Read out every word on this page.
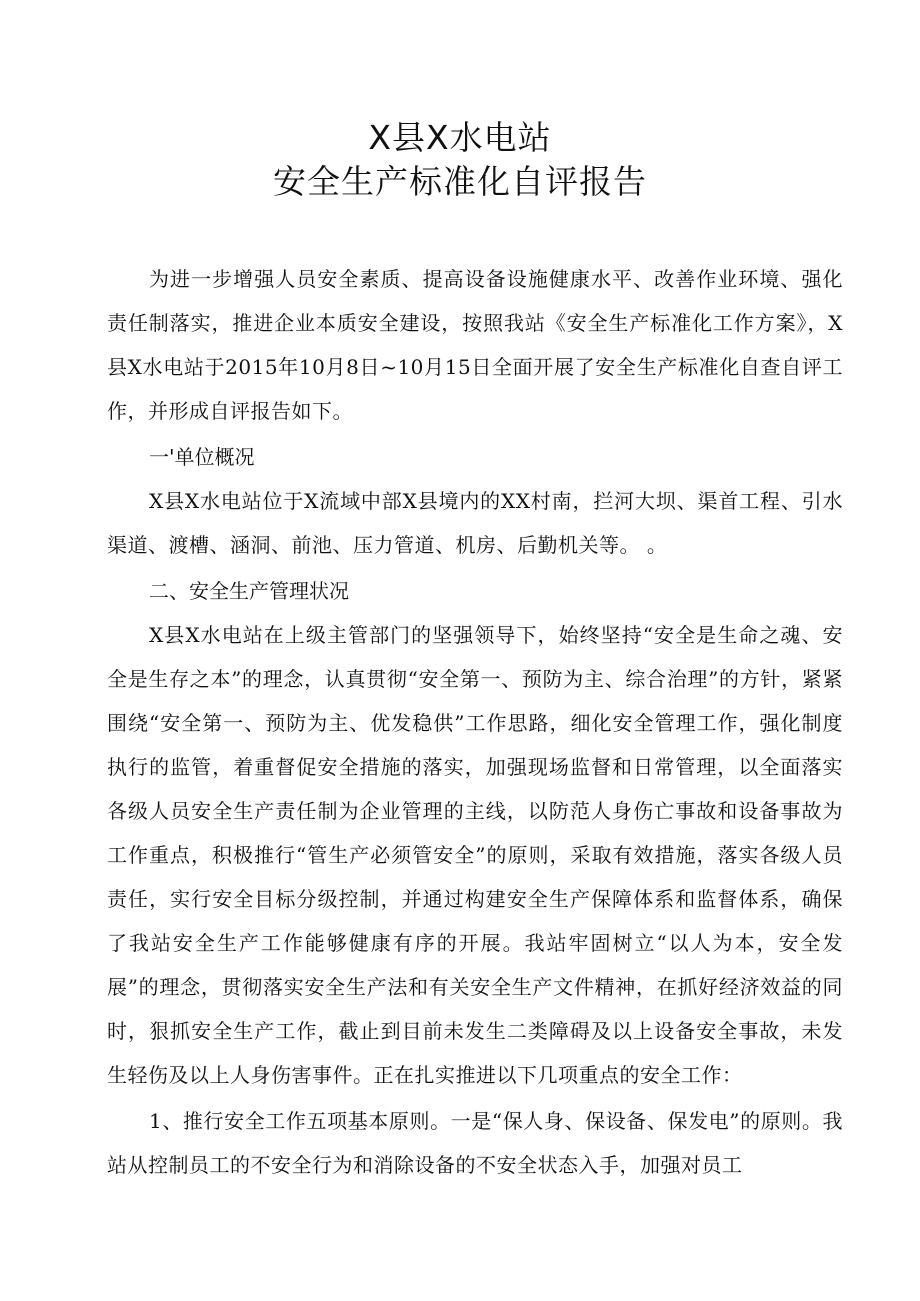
X县X水电站
安全生产标准化自评报告

为进一步增强人员安全素质、提高设备设施健康水平、改善作业环境、强化责任制落实，推进企业本质安全建设，按照我站《安全生产标准化工作方案》，X县X水电站于2015年10月8日~10月15日全面开展了安全生产标准化自查自评工作，并形成自评报告如下。

一'单位概况

X县X水电站位于X流域中部X县境内的XX村南，拦河大坝、渠首工程、引水渠道、渡槽、涵洞、前池、压力管道、机房、后勤机关等。 。

二、安全生产管理状况

X县X水电站在上级主管部门的坚强领导下，始终坚持“安全是生命之魂、安全是生存之本”的理念，认真贯彻“安全第一、预防为主、综合治理”的方针，紧紧围绕“安全第一、预防为主、优发稳供”工作思路，细化安全管理工作，强化制度执行的监管，着重督促安全措施的落实，加强现场监督和日常管理，以全面落实各级人员安全生产责任制为企业管理的主线，以防范人身伤亡事故和设备事故为工作重点，积极推行“管生产必须管安全”的原则，采取有效措施，落实各级人员责任，实行安全目标分级控制，并通过构建安全生产保障体系和监督体系，确保了我站安全生产工作能够健康有序的开展。我站牢固树立“以人为本，安全发展”的理念，贯彻落实安全生产法和有关安全生产文件精神，在抓好经济效益的同时，狠抓安全生产工作，截止到目前未发生二类障碍及以上设备安全事故，未发生轻伤及以上人身伤害事件。正在扎实推进以下几项重点的安全工作：

1、推行安全工作五项基本原则。一是“保人身、保设备、保发电”的原则。我站从控制员工的不安全行为和消除设备的不安全状态入手，加强对员工
